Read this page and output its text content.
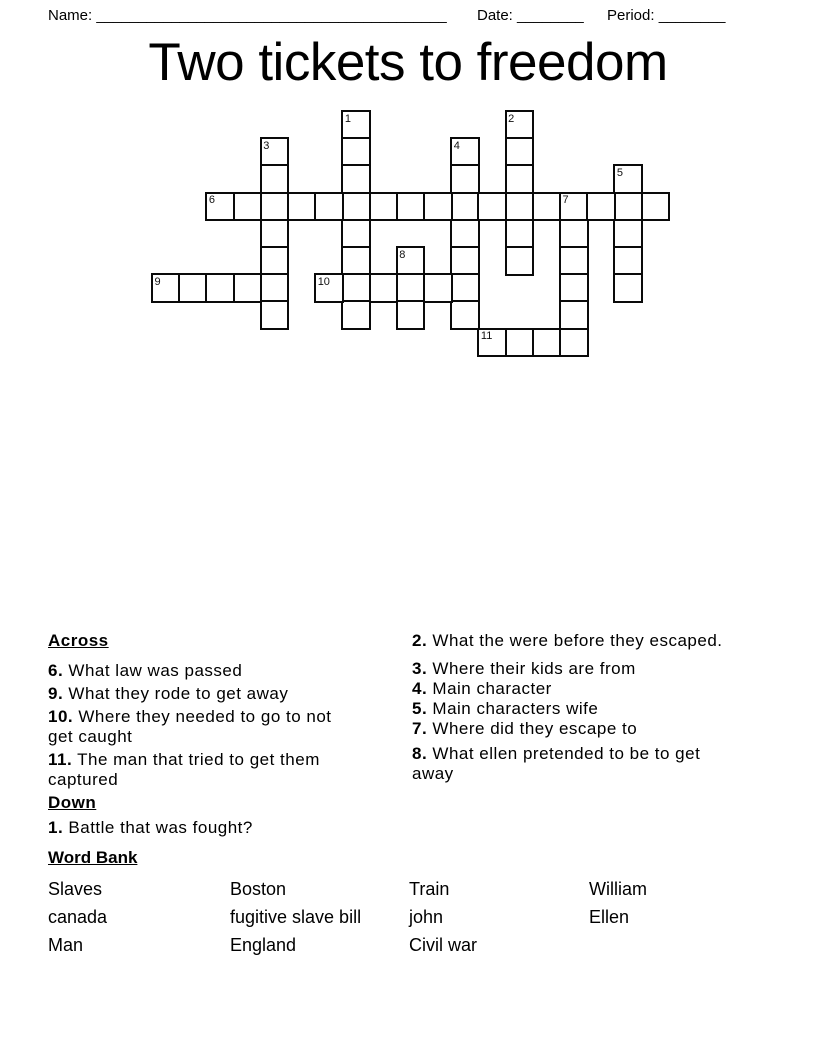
Name: __________________________________________ Date: ________ Period: ________
Two tickets to freedom
1	2
3	4
5
6	7
8
9	10
11

Across

6. What law was passed

9. What they rode to get away

10. Where they needed to go to not get caught

11. The man that tried to get them captured

Down

1. Battle that was fought?

2. What the were before they escaped.

3. Where their kids are from

4. Main character

5. Main characters wife

7. Where did they escape to

8. What ellen pretended to be to get away

Word Bank

Slaves
canada
Man
Boston
fugitive slave bill
England
Train
john
Civil war
William
Ellen
